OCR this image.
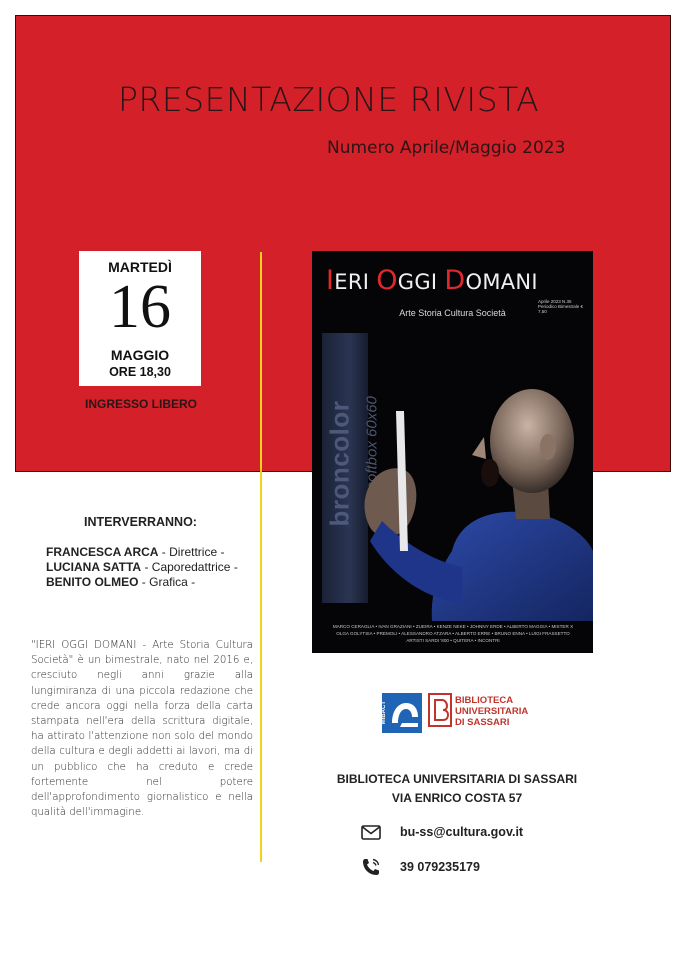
PRESENTAZIONE RIVISTA
Numero Aprile/Maggio 2023
MARTEDÌ
16
MAGGIO
ORE 18,30
INGRESSO LIBERO
IERI OGGI DOMANI
Aprile 2023 N.35 Periodico Bimestrale € 7,50
Arte Storia Cultura Società
broncolor softbox 60x60
MARCO CERAGLIA • IVAN GRAZIANI • ZUEIRA • KENZE NEKE • JOHNNY ERDE • ALBERTO MAGGIA • MISTER X
OLGA GOLYTSIA • PREMOLI • ALESSANDRO ATZARA • ALBERTO ERRE • BRUNO ENNA • LUIGI FRASSETTO
ARTISTI SARDI '800 • QUITERA • INCONTRI
INTERVERRANNO:
FRANCESCA ARCA - Direttrice -
LUCIANA SATTA - Caporedattrice -
BENITO OLMEO - Grafica -
"IERI OGGI DOMANI - Arte Storia Cultura Società" è un bimestrale, nato nel 2016 e, cresciuto negli anni grazie alla lungimiranza di una piccola redazione che crede ancora oggi nella forza della carta stampata nell'era della scrittura digitale, ha attirato l'attenzione non solo del mondo della cultura e degli addetti ai lavori, ma di un pubblico che ha creduto e crede fortemente nel potere dell'approfondimento giornalistico e nella qualità dell'immagine.
MiBACT
BIBLIOTECA
UNIVERSITARIA
DI SASSARI
BIBLIOTECA UNIVERSITARIA DI SASSARI
VIA ENRICO COSTA 57
bu-ss@cultura.gov.it
39 079235179
